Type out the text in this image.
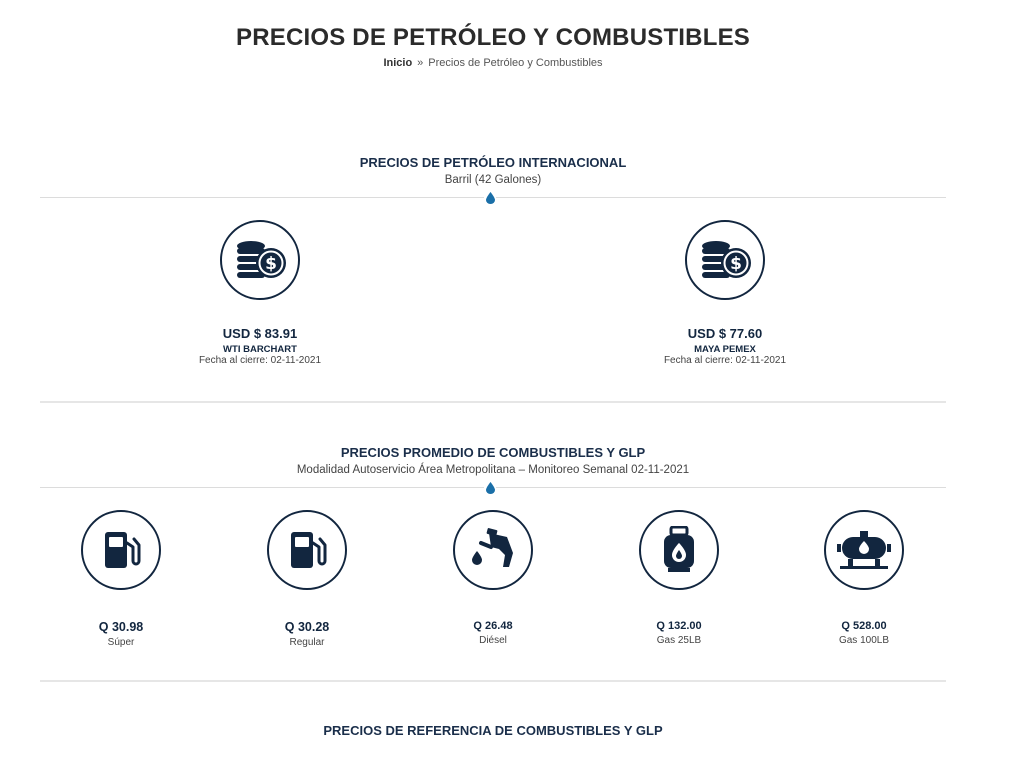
PRECIOS DE PETRÓLEO Y COMBUSTIBLES
Inicio » Precios de Petróleo y Combustibles
PRECIOS DE PETRÓLEO INTERNACIONAL
Barril (42 Galones)
$
USD $ 83.91
WTI BARCHART
Fecha al cierre: 02-11-2021
$
USD $ 77.60
MAYA PEMEX
Fecha al cierre: 02-11-2021
PRECIOS PROMEDIO DE COMBUSTIBLES Y GLP
Modalidad Autoservicio Área Metropolitana – Monitoreo Semanal 02-11-2021
Q 30.98
Súper
Q 30.28
Regular
Q 26.48
Diésel
Q 132.00
Gas 25LB
Q 528.00
Gas 100LB
PRECIOS DE REFERENCIA DE COMBUSTIBLES Y GLP
